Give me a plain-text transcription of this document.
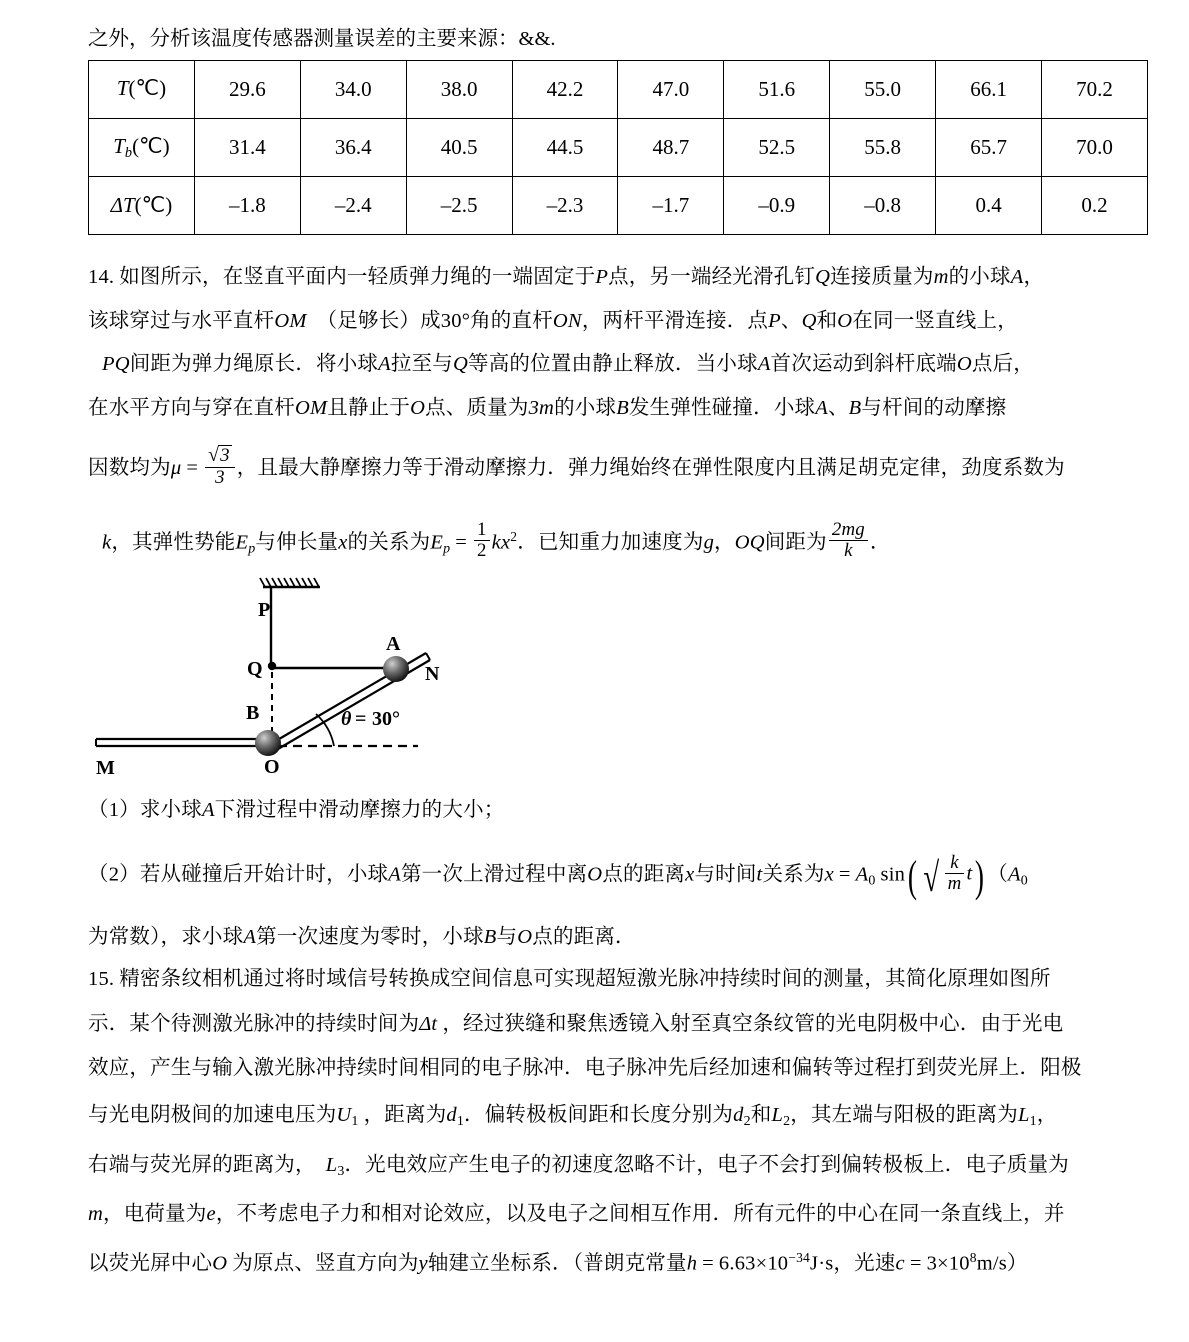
之外，分析该温度传感器测量误差的主要来源：&&.
T(℃)	29.6	34.0	38.0	42.2	47.0	51.6	55.0	66.1	70.2
$T_b(℃)$	31.4	36.4	40.5	44.5	48.7	52.5	55.8	65.7	70.0
ΔT(℃)	–1.8	–2.4	–2.5	–2.3	–1.7	–0.9	–0.8	0.4	0.2
14. 如图所示，在竖直平面内一轻质弹力绳的一端固定于P点，另一端经光滑孔钉Q连接质量为m的小球A，
该球穿过与水平直杆OM （足够长）成30°角的直杆ON，两杆平滑连接．点P、Q和O在同一竖直线上，
PQ间距为弹力绳原长．将小球A拉至与Q等高的位置由静止释放．当小球A首次运动到斜杆底端O点后，
在水平方向与穿在直杆OM且静止于O点、质量为3m的小球B发生弹性碰撞．小球A、B与杆间的动摩擦
因数均为$\mu = \frac{√3}{3}$ ，且最大静摩擦力等于滑动摩擦力．弹力绳始终在弹性限度内且满足胡克定律，劲度系数为
k，其弹性势能$E_p$与伸长量x的关系为$E_p = \frac{1}{2} kx^2$．已知重力加速度为g，OQ间距为 $\frac{2mg}{k}$ ．
P
Q
A
N
B
M	O
θ = 30°
（1）求小球A下滑过程中滑动摩擦力的大小；
（2）若从碰撞后开始计时，小球A第一次上滑过程中离O点的距离x与时间t关系为x = A0 sin( √ $\frac{k}{m} t$) （A0
为常数），求小球A第一次速度为零时，小球B与O点的距离．
15. 精密条纹相机通过将时域信号转换成空间信息可实现超短激光脉冲持续时间的测量，其简化原理如图所
示．某个待测激光脉冲的持续时间为Δt ，经过狭缝和聚焦透镜入射至真空条纹管的光电阴极中心．由于光电
效应，产生与输入激光脉冲持续时间相同的电子脉冲．电子脉冲先后经加速和偏转等过程打到荧光屏上．阳极
与光电阴极间的加速电压为U1 ，距离为d1．偏转极板间距和长度分别为d2和L2，其左端与阳极的距离为L1，
右端与荧光屏的距离为， L3．光电效应产生电子的初速度忽略不计，电子不会打到偏转极板上．电子质量为
m，电荷量为e，不考虑电子力和相对论效应，以及电子之间相互作用．所有元件的中心在同一条直线上，并
以荧光屏中心O 为原点、竖直方向为y轴建立坐标系．（普朗克常量$h = 6.63\times 10^{-34}J\cdot s$，光速$c = 3\times 10^8m/s$）
